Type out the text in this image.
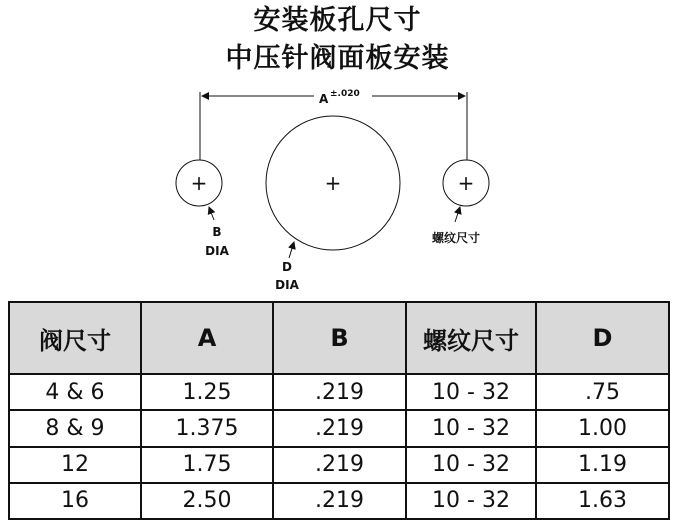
安装板孔尺寸
中压针阀面板安装
A ±.020
+	+	+
B
DIA
D
DIA
螺纹尺寸
阀尺寸	A	B	螺纹尺寸	D
4 & 6	1.25	.219	10 - 32	.75
8 & 9	1.375	.219	10 - 32	1.00
12	1.75	.219	10 - 32	1.19
16	2.50	.219	10 - 32	1.63
